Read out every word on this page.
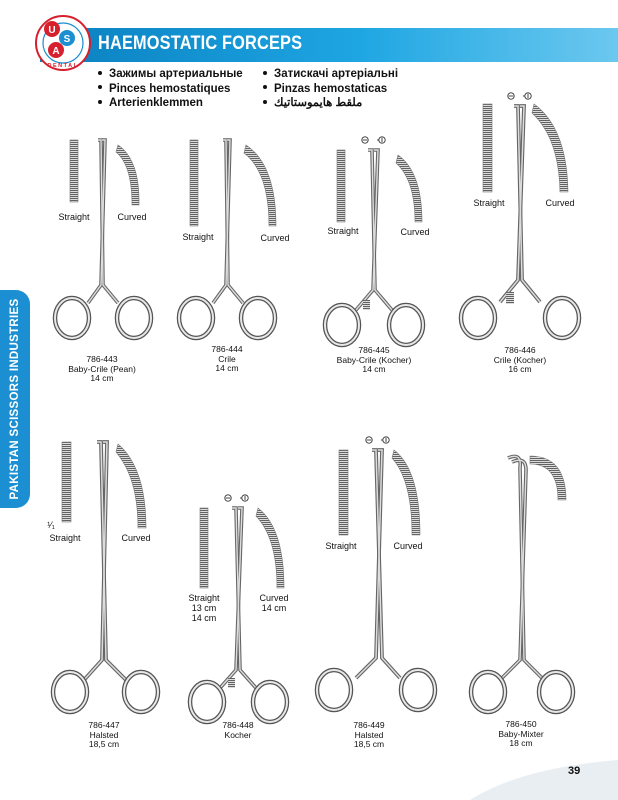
HAEMOSTATIC FORCEPS
U
S
A
DENTAL
Зажимы артериальные
Pinces hemostatiques
Arterienklemmen
Затискачі артеріальні
Pinzas hemostaticas
ملقط هايموستاتيك
PAKISTAN SCISSORS INDUSTRIES
Straight	Curved
Straight	Curved
Straight	Curved
Straight	Curved
¹⁄₁
Straight	Curved
Straight
13 cm
14 cm
Curved
14 cm
Straight	Curved
786-443
Baby-Crile (Pean)
14 cm
786-444
Crile
14 cm
786-445
Baby-Crile (Kocher)
14 cm
786-446
Crile (Kocher)
16 cm
786-447
Halsted
18,5 cm
786-448
Kocher
786-449
Halsted
18,5 cm
786-450
Baby-Mixter
18 cm
39
